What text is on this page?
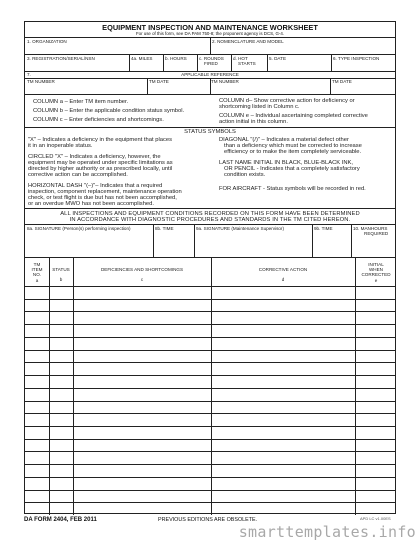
EQUIPMENT INSPECTION AND MAINTENANCE WORKSHEET
For use of this form, see DA PAM 750-8; the proponent agency is DCS, G-4.
1. ORGANIZATION	2. NOMENCLATURE AND MODEL
3. REGISTRATION/SERIAL/NSN	4a. MILES	b. HOURS	c. ROUNDS
FIRED
d. HOT
STARTS
5. DATE	6. TYPE INSPECTION
7.	APPLICABLE REFERENCE
TM NUMBER	TM DATE	TM NUMBER	TM DATE
COLUMN a – Enter TM item number.
COLUMN b – Enter the applicable condition status symbol.
COLUMN c – Enter deficiencies and shortcomings.
COLUMN d– Show corrective action for deficiency or
shortcoming listed in Column c.
COLUMN e – Individual ascertaining completed corrective
action initial in this column.
STATUS SYMBOLS
"X" – Indicates a deficiency in the equipment that places
it in an inoperable status.
CIRCLED "X" – Indicates a deficiency, however, the
equipment may be operated under specific limitations as
directed by higher authority or as prescribed locally, until
corrective action can be accomplished.
HORIZONTAL DASH "(–)"– Indicates that a required
inspection, component replacement, maintenance operation
check, or test flight is due but has not been accomplished,
or an overdue MWO has not been accomplished.
DIAGONAL "(/)" – Indicates a material defect other
than a deficiency which must be corrected to increase
efficiency or to make the item completely serviceable.
LAST NAME INITIAL IN BLACK, BLUE-BLACK INK,
OR PENCIL - Indicates that a completely satisfactory
condition exists.
FOR AIRCRAFT - Status symbols will be recorded in red.
ALL INSPECTIONS AND EQUIPMENT CONDITIONS RECORDED ON THIS FORM HAVE BEEN DETERMINED
IN ACCORDANCE WITH DIAGNOSTIC PROCEDURES AND STANDARDS IN THE TM CITED HEREON.
8a. SIGNATURE (Person(s) performing inspection)	8b. TIME	9a. SIGNATURE (Maintenance Supervisor)	9b. TIME	10. MANHOURS
REQUIRED
TM
ITEM
NO.
a
STATUS
b
DEFICIENCIES AND SHORTCOMINGS
c
CORRECTIVE ACTION
d
INITIAL
WHEN
CORRECTED
e
DA FORM 2404, FEB 2011	PREVIOUS EDITIONS ARE OBSOLETE.	APD LC v1.00ES
smarttemplates.info
